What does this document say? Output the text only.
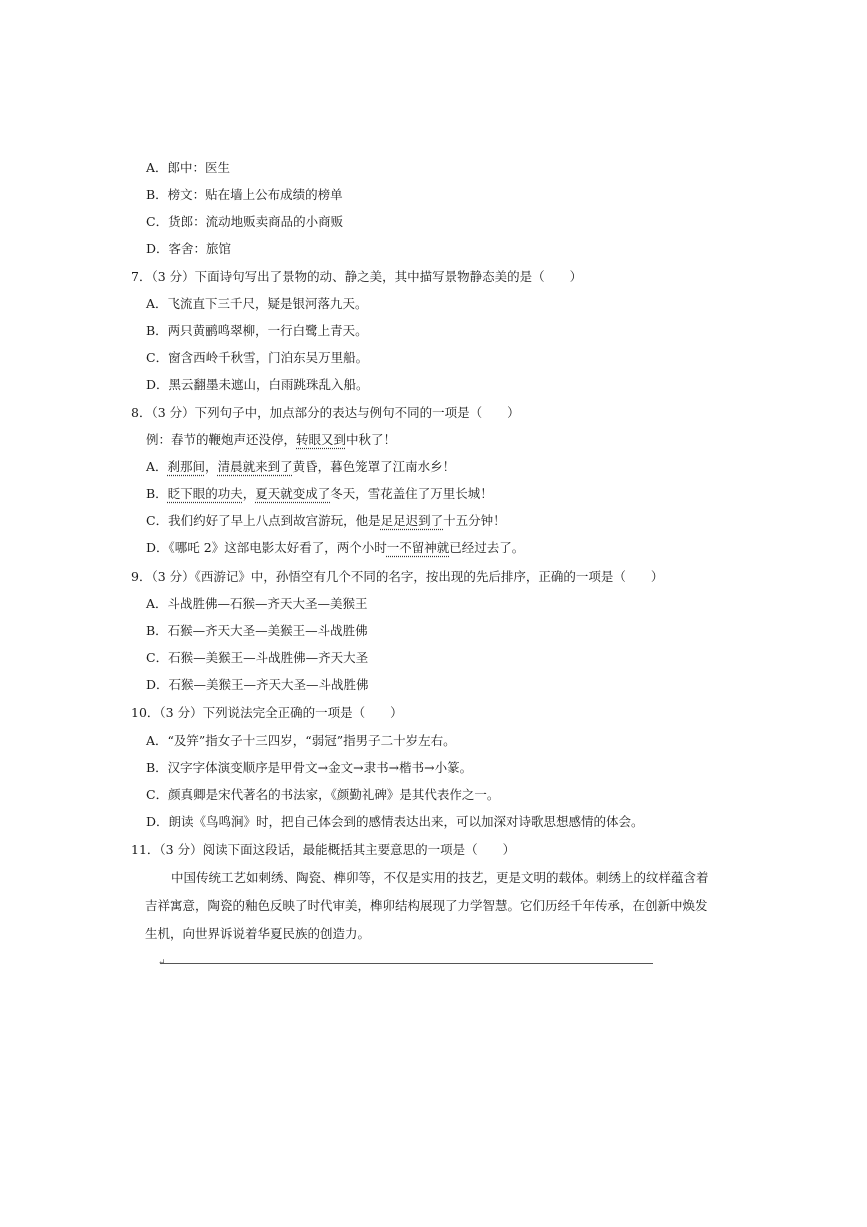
A．郎中：医生
B．榜文：贴在墙上公布成绩的榜单
C．货郎：流动地贩卖商品的小商贩
D．客舍：旅馆
7．（3 分）下面诗句写出了景物的动、静之美，其中描写景物静态美的是（　　）
A．飞流直下三千尺，疑是银河落九天。
B．两只黄鹂鸣翠柳，一行白鹭上青天。
C．窗含西岭千秋雪，门泊东吴万里船。
D．黑云翻墨未遮山，白雨跳珠乱入船。
8．（3 分）下列句子中，加点部分的表达与例句不同的一项是（　　）
例：春节的鞭炮声还没停，转眼又到中秋了！
A．刹那间，清晨就来到了黄昏，暮色笼罩了江南水乡！
B．眨下眼的功夫，夏天就变成了冬天，雪花盖住了万里长城！
C．我们约好了早上八点到故宫游玩，他是足足迟到了十五分钟！
D．《哪吒 2》这部电影太好看了，两个小时一不留神就已经过去了。
9．（3 分）《西游记》中，孙悟空有几个不同的名字，按出现的先后排序，正确的一项是（　　）
A．斗战胜佛—石猴—齐天大圣—美猴王
B．石猴—齐天大圣—美猴王—斗战胜佛
C．石猴—美猴王—斗战胜佛—齐天大圣
D．石猴—美猴王—齐天大圣—斗战胜佛
10．（3 分）下列说法完全正确的一项是（　　）
A．“及笄”指女子十三四岁，“弱冠”指男子二十岁左右。
B．汉字字体演变顺序是甲骨文→金文→隶书→楷书→小篆。
C．颜真卿是宋代著名的书法家，《颜勤礼碑》是其代表作之一。
D．朗读《鸟鸣涧》时，把自己体会到的感情表达出来，可以加深对诗歌思想感情的体会。
11．（3 分）阅读下面这段话，最能概括其主要意思的一项是（　　）
中国传统工艺如刺绣、陶瓷、榫卯等，不仅是实用的技艺，更是文明的载体。刺绣上的纹样蕴含着
吉祥寓意，陶瓷的釉色反映了时代审美，榫卯结构展现了力学智慧。它们历经千年传承，在创新中焕发
生机，向世界诉说着华夏民族的创造力。
↵
